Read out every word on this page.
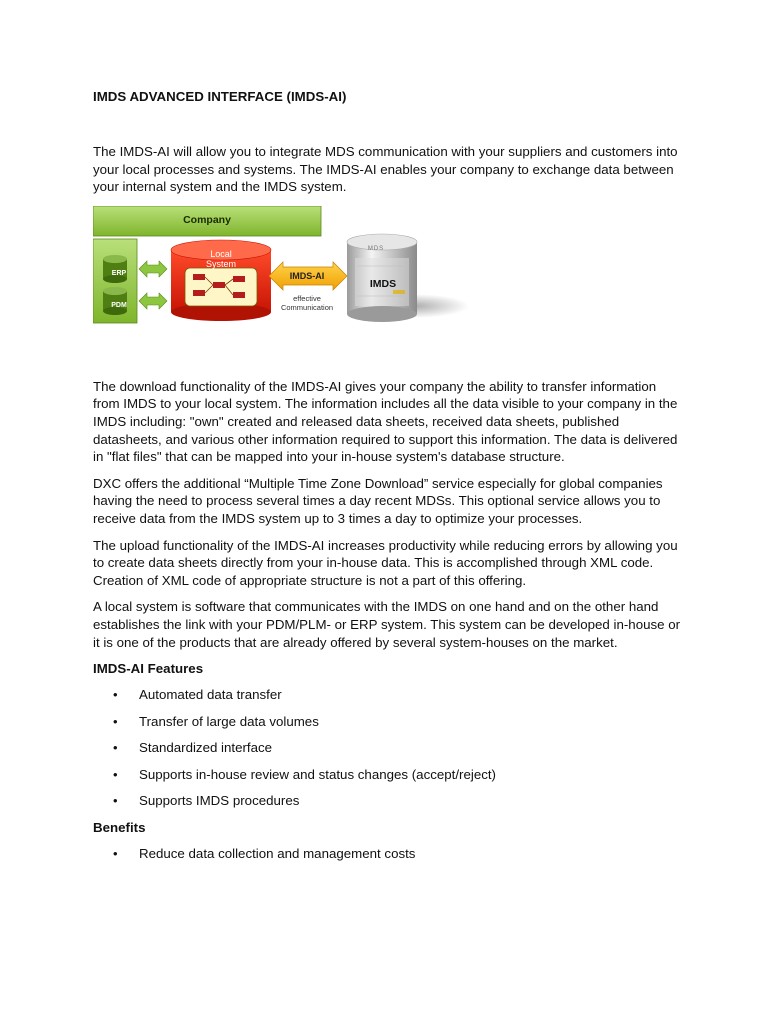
IMDS ADVANCED INTERFACE (IMDS-AI)

The IMDS-AI will allow you to integrate MDS communication with your suppliers and customers into your local processes and systems. The IMDS-AI enables your company to exchange data between your internal system and the IMDS system.

Company
ERP
PDM
Local
System
IMDS-AI
effective
Communication
MDS
IMDS

The download functionality of the IMDS-AI gives your company the ability to transfer information from IMDS to your local system. The information includes all the data visible to your company in the IMDS including: "own" created and released data sheets, received data sheets, published datasheets, and various other information required to support this information. The data is delivered in "flat files" that can be mapped into your in-house system's database structure.

DXC offers the additional “Multiple Time Zone Download” service especially for global companies having the need to process several times a day recent MDSs. This optional service allows you to receive data from the IMDS system up to 3 times a day to optimize your processes.

The upload functionality of the IMDS-AI increases productivity while reducing errors by allowing you to create data sheets directly from your in-house data. This is accomplished through XML code. Creation of XML code of appropriate structure is not a part of this offering.

A local system is software that communicates with the IMDS on one hand and on the other hand establishes the link with your PDM/PLM- or ERP system. This system can be developed in-house or it is one of the products that are already offered by several system-houses on the market.

IMDS-AI Features
• Automated data transfer
• Transfer of large data volumes
• Standardized interface
• Supports in-house review and status changes (accept/reject)
• Supports IMDS procedures
Benefits
• Reduce data collection and management costs
